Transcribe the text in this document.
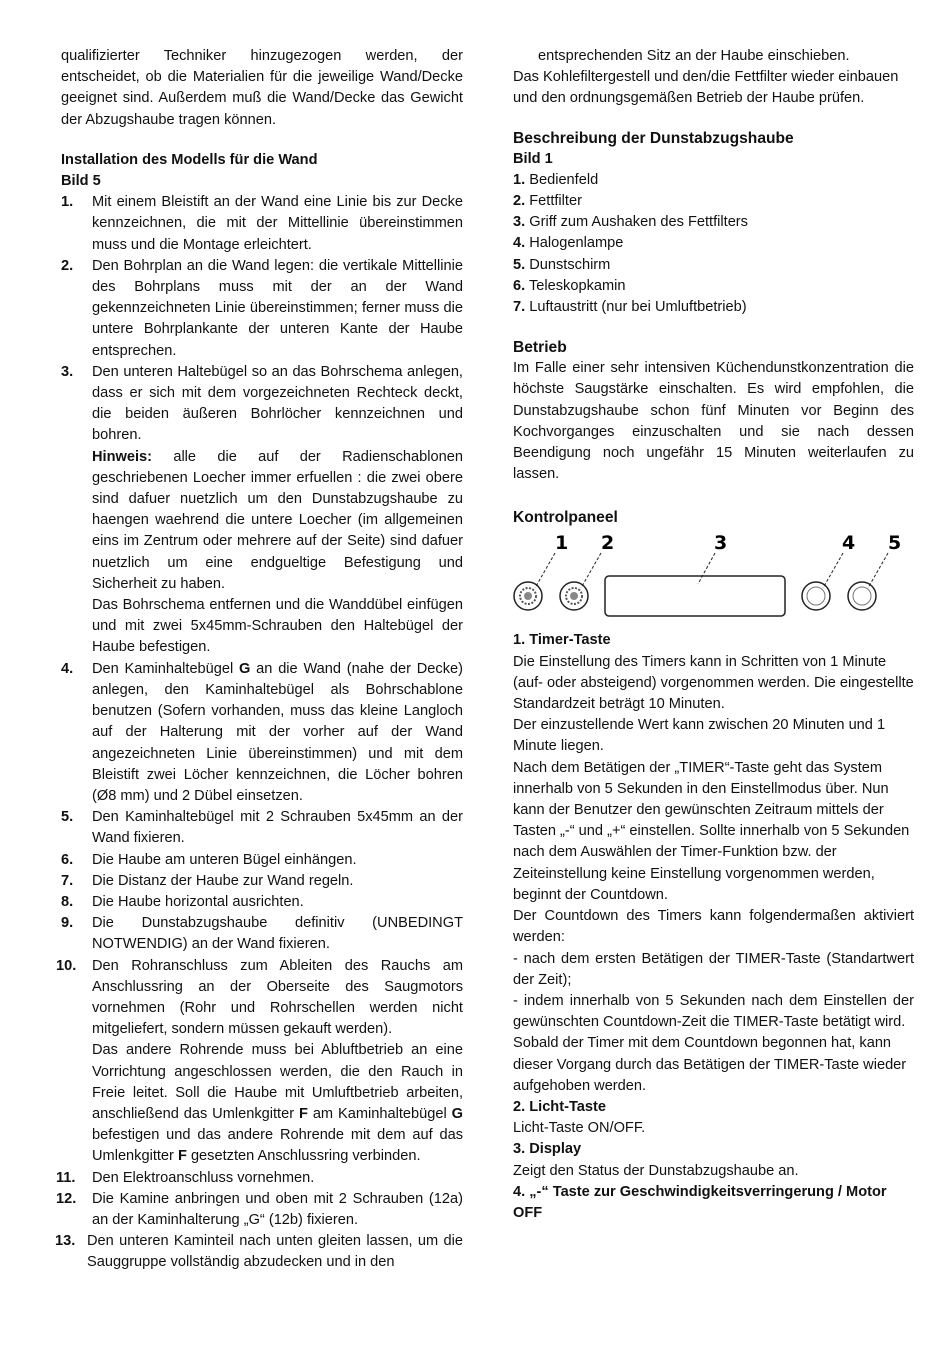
qualifizierter Techniker hinzugezogen werden, der entscheidet, ob die Materialien für die jeweilige Wand/Decke geeignet sind. Außerdem muß die Wand/Decke das Gewicht der Abzugshaube tragen können.

Installation des Modells für die Wand

Bild 5

1. Mit einem Bleistift an der Wand eine Linie bis zur Decke kennzeichnen, die mit der Mittellinie übereinstimmen muss und die Montage erleichtert.
2. Den Bohrplan an die Wand legen: die vertikale Mittellinie des Bohrplans muss mit der an der Wand gekennzeichneten Linie übereinstimmen; ferner muss die untere Bohrplankante der unteren Kante der Haube entsprechen.
3. Den unteren Haltebügel so an das Bohrschema anlegen, dass er sich mit dem vorgezeichneten Rechteck deckt, die beiden äußeren Bohrlöcher kennzeichnen und bohren.

Hinweis: alle die auf der Radienschablonen geschriebenen Loecher immer erfuellen : die zwei obere sind dafuer nuetzlich um den Dunstabzugshaube zu haengen waehrend die untere Loecher (im allgemeinen eins im Zentrum oder mehrere auf der Seite) sind dafuer nuetzlich um eine endgueltige Befestigung und Sicherheit zu haben.

Das Bohrschema entfernen und die Wanddübel einfügen und mit zwei 5x45mm-Schrauben den Haltebügel der Haube befestigen.

4. Den Kaminhaltebügel G an die Wand (nahe der Decke) anlegen, den Kaminhaltebügel als Bohrschablone benutzen (Sofern vorhanden, muss das kleine Langloch auf der Halterung mit der vorher auf der Wand angezeichneten Linie übereinstimmen) und mit dem Bleistift zwei Löcher kennzeichnen, die Löcher bohren (Ø8 mm) und 2 Dübel einsetzen.
5. Den Kaminhaltebügel mit 2 Schrauben 5x45mm an der Wand fixieren.
6. Die Haube am unteren Bügel einhängen.
7. Die Distanz der Haube zur Wand regeln.
8. Die Haube horizontal ausrichten.
9. Die Dunstabzugshaube definitiv (UNBEDINGT NOTWENDIG) an der Wand fixieren.
10. Den Rohranschluss zum Ableiten des Rauchs am Anschlussring an der Oberseite des Saugmotors vornehmen (Rohr und Rohrschellen werden nicht mitgeliefert, sondern müssen gekauft werden).

Das andere Rohrende muss bei Abluftbetrieb an eine Vorrichtung angeschlossen werden, die den Rauch in Freie leitet. Soll die Haube mit Umluftbetrieb arbeiten, anschließend das Umlenkgitter F am Kaminhaltebügel G befestigen und das andere Rohrende mit dem auf das Umlenkgitter F gesetzten Anschlussring verbinden.

11. Den Elektroanschluss vornehmen.
12. Die Kamine anbringen und oben mit 2 Schrauben (12a) an der Kaminhalterung „G“ (12b) fixieren.
13. Den unteren Kaminteil nach unten gleiten lassen, um die Sauggruppe vollständig abzudecken und in den

entsprechenden Sitz an der Haube einschieben.

Das Kohlefiltergestell und den/die Fettfilter wieder einbauen und den ordnungsgemäßen Betrieb der Haube prüfen.

Beschreibung der Dunstabzugshaube

Bild 1

1. Bedienfeld
2. Fettfilter
3. Griff zum Aushaken des Fettfilters
4. Halogenlampe
5. Dunstschirm
6. Teleskopkamin
7. Luftaustritt (nur bei Umluftbetrieb)
Betrieb

Im Falle einer sehr intensiven Küchendunstkonzentration die höchste Saugstärke einschalten. Es wird empfohlen, die Dunstabzugshaube schon fünf Minuten vor Beginn des Kochvorganges einzuschalten und sie nach dessen Beendigung noch ungefähr 15 Minuten weiterlaufen zu lassen.

Kontrolpaneel
1 2	3	4 5

1. Timer-Taste

Die Einstellung des Timers kann in Schritten von 1 Minute (auf- oder absteigend) vorgenommen werden. Die eingestellte Standardzeit beträgt 10 Minuten.

Der einzustellende Wert kann zwischen 20 Minuten und 1 Minute liegen.

Nach dem Betätigen der „TIMER“-Taste geht das System innerhalb von 5 Sekunden in den Einstellmodus über. Nun kann der Benutzer den gewünschten Zeitraum mittels der Tasten „-“ und „+“ einstellen. Sollte innerhalb von 5 Sekunden nach dem Auswählen der Timer-Funktion bzw. der Zeiteinstellung keine Einstellung vorgenommen werden, beginnt der Countdown.

Der Countdown des Timers kann folgendermaßen aktiviert werden:

- nach dem ersten Betätigen der TIMER-Taste (Standartwert der Zeit);

- indem innerhalb von 5 Sekunden nach dem Einstellen der gewünschten Countdown-Zeit die TIMER-Taste betätigt wird.

Sobald der Timer mit dem Countdown begonnen hat, kann dieser Vorgang durch das Betätigen der TIMER-Taste wieder aufgehoben werden.

2. Licht-Taste

Licht-Taste ON/OFF.

3. Display

Zeigt den Status der Dunstabzugshaube an.

4. „-“ Taste zur Geschwindigkeitsverringerung / Motor OFF
